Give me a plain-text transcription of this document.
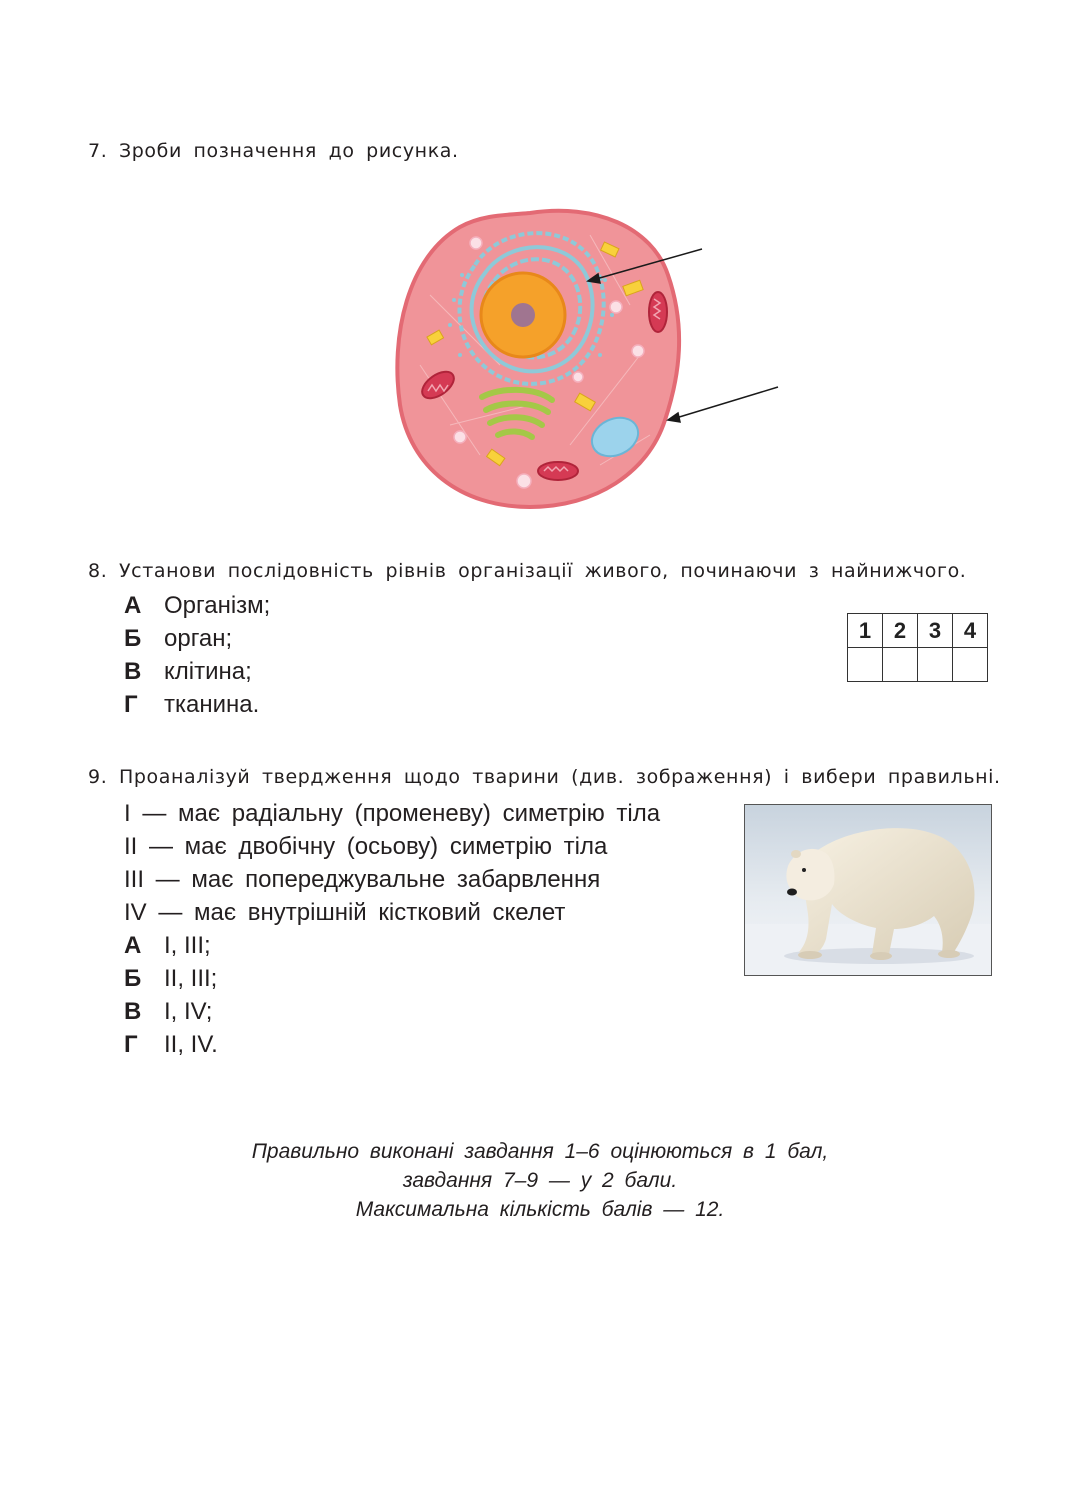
7. Зроби позначення до рисунка.
8. Установи послідовність рівнів організації живого, починаючи з найнижчого.
А Організм;
Б орган;
В клітина;
Г тканина.
1	2	3	4

9. Проаналізуй твердження щодо тварини (див. зображення) і вибери правильні.
I — має радіальну (променеву) симетрію тіла
II — має двобічну (осьову) симетрію тіла
III — має попереджувальне забарвлення
IV — має внутрішній кістковий скелет
А I, III;
Б II, III;
В I, IV;
Г II, IV.
Правильно виконані завдання 1–6 оцінюються в 1 бал,
завдання 7–9 — у 2 бали.
Максимальна кількість балів — 12.
